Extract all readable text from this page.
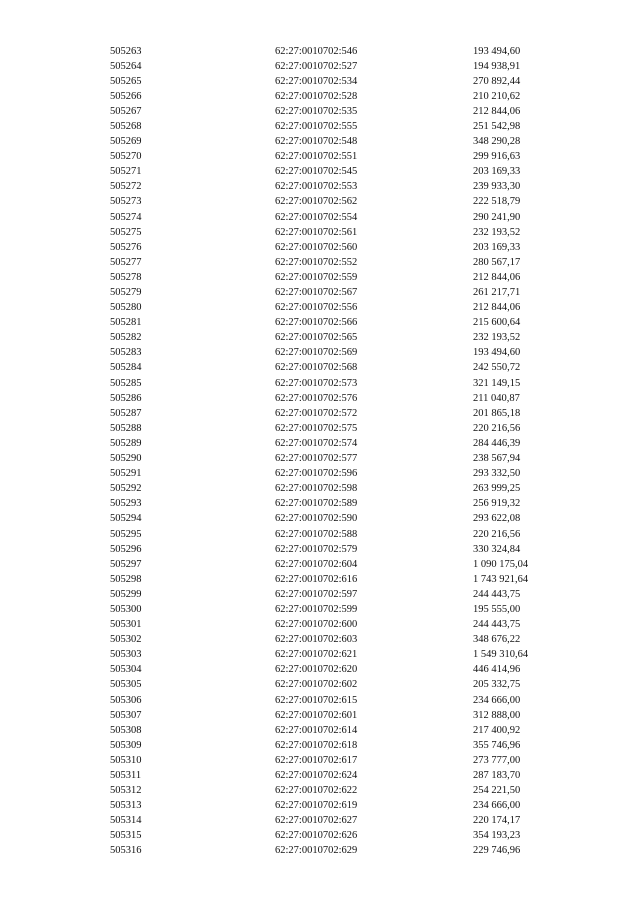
505263	62:27:0010702:546	193 494,60
505264	62:27:0010702:527	194 938,91
505265	62:27:0010702:534	270 892,44
505266	62:27:0010702:528	210 210,62
505267	62:27:0010702:535	212 844,06
505268	62:27:0010702:555	251 542,98
505269	62:27:0010702:548	348 290,28
505270	62:27:0010702:551	299 916,63
505271	62:27:0010702:545	203 169,33
505272	62:27:0010702:553	239 933,30
505273	62:27:0010702:562	222 518,79
505274	62:27:0010702:554	290 241,90
505275	62:27:0010702:561	232 193,52
505276	62:27:0010702:560	203 169,33
505277	62:27:0010702:552	280 567,17
505278	62:27:0010702:559	212 844,06
505279	62:27:0010702:567	261 217,71
505280	62:27:0010702:556	212 844,06
505281	62:27:0010702:566	215 600,64
505282	62:27:0010702:565	232 193,52
505283	62:27:0010702:569	193 494,60
505284	62:27:0010702:568	242 550,72
505285	62:27:0010702:573	321 149,15
505286	62:27:0010702:576	211 040,87
505287	62:27:0010702:572	201 865,18
505288	62:27:0010702:575	220 216,56
505289	62:27:0010702:574	284 446,39
505290	62:27:0010702:577	238 567,94
505291	62:27:0010702:596	293 332,50
505292	62:27:0010702:598	263 999,25
505293	62:27:0010702:589	256 919,32
505294	62:27:0010702:590	293 622,08
505295	62:27:0010702:588	220 216,56
505296	62:27:0010702:579	330 324,84
505297	62:27:0010702:604	1 090 175,04
505298	62:27:0010702:616	1 743 921,64
505299	62:27:0010702:597	244 443,75
505300	62:27:0010702:599	195 555,00
505301	62:27:0010702:600	244 443,75
505302	62:27:0010702:603	348 676,22
505303	62:27:0010702:621	1 549 310,64
505304	62:27:0010702:620	446 414,96
505305	62:27:0010702:602	205 332,75
505306	62:27:0010702:615	234 666,00
505307	62:27:0010702:601	312 888,00
505308	62:27:0010702:614	217 400,92
505309	62:27:0010702:618	355 746,96
505310	62:27:0010702:617	273 777,00
505311	62:27:0010702:624	287 183,70
505312	62:27:0010702:622	254 221,50
505313	62:27:0010702:619	234 666,00
505314	62:27:0010702:627	220 174,17
505315	62:27:0010702:626	354 193,23
505316	62:27:0010702:629	229 746,96
